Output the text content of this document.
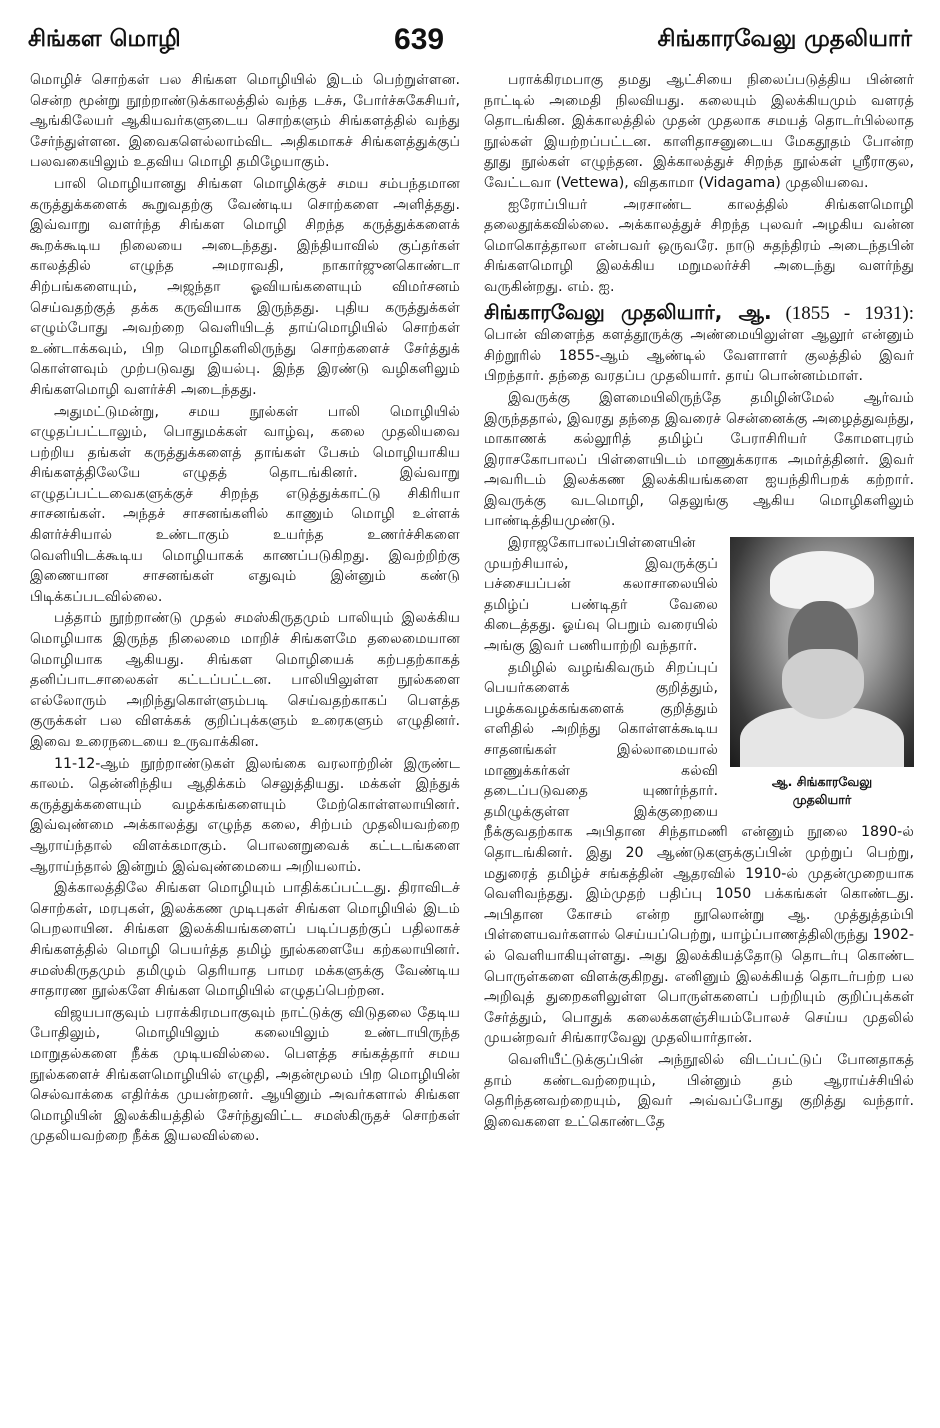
சிங்கள மொழி	639	சிங்காரவேலு முதலியார்

மொழிச் சொற்கள் பல சிங்கள மொழியில் இடம் பெற்றுள்ளன. சென்ற மூன்று நூற்றாண்டுக்காலத்தில் வந்த டச்சு, போர்ச்சுகேசியர், ஆங்கிலேயர் ஆகியவர்களுடைய சொற்களும் சிங்களத்தில் வந்து சேர்ந்துள்ளன. இவைகளெல்லாம்விட அதிகமாகச் சிங்களத்துக்குப் பலவகையிலும் உதவிய மொழி தமிழேயாகும்.

பாலி மொழியானது சிங்கள மொழிக்குச் சமய சம்பந்தமான கருத்துக்களைக் கூறுவதற்கு வேண்டிய சொற்களை அளித்தது. இவ்வாறு வளர்ந்த சிங்கள மொழி சிறந்த கருத்துக்களைக் கூறக்கூடிய நிலையை அடைந்தது. இந்தியாவில் குப்தர்கள் காலத்தில் எழுந்த அமராவதி, நாகார்ஜுனகொண்டா சிற்பங்களையும், அஜந்தா ஓவியங்களையும் விமர்சனம் செய்வதற்குத் தக்க கருவியாக இருந்தது. புதிய கருத்துக்கள் எழும்போது அவற்றை வெளியிடத் தாய்மொழியில் சொற்கள் உண்டாக்கவும், பிற மொழிகளிலிருந்து சொற்களைச் சேர்த்துக் கொள்ளவும் முற்படுவது இயல்பு. இந்த இரண்டு வழிகளிலும் சிங்களமொழி வளர்ச்சி அடைந்தது.

அதுமட்டுமன்று, சமய நூல்கள் பாலி மொழியில் எழுதப்பட்டாலும், பொதுமக்கள் வாழ்வு, கலை முதலியவை பற்றிய தங்கள் கருத்துக்களைத் தாங்கள் பேசும் மொழியாகிய சிங்களத்திலேயே எழுதத் தொடங்கினர். இவ்வாறு எழுதப்பட்டவைகளுக்குச் சிறந்த எடுத்துக்காட்டு சிகிரியா சாசனங்கள். அந்தச் சாசனங்களில் காணும் மொழி உள்ளக் கிளர்ச்சியால் உண்டாகும் உயர்ந்த உணர்ச்சிகளை வெளியிடக்கூடிய மொழியாகக் காணப்படுகிறது. இவற்றிற்கு இணையான சாசனங்கள் எதுவும் இன்னும் கண்டு பிடிக்கப்படவில்லை.

பத்தாம் நூற்றாண்டு முதல் சமஸ்கிருதமும் பாலியும் இலக்கிய மொழியாக இருந்த நிலைமை மாறிச் சிங்களமே தலைமையான மொழியாக ஆகியது. சிங்கள மொழியைக் கற்பதற்காகத் தனிப்பாடசாலைகள் கட்டப்பட்டன. பாலியிலுள்ள நூல்களை எல்லோரும் அறிந்துகொள்ளும்படி செய்வதற்காகப் பௌத்த குருக்கள் பல விளக்கக் குறிப்புக்களும் உரைகளும் எழுதினர். இவை உரைநடையை உருவாக்கின.

11-12-ஆம் நூற்றாண்டுகள் இலங்கை வரலாற்றின் இருண்ட காலம். தென்னிந்திய ஆதிக்கம் செலுத்தியது. மக்கள் இந்துக் கருத்துக்களையும் வழக்கங்களையும் மேற்கொள்ளலாயினர். இவ்வுண்மை அக்காலத்து எழுந்த கலை, சிற்பம் முதலியவற்றை ஆராய்ந்தால் விளக்கமாகும். பொலனறுவைக் கட்டடங்களை ஆராய்ந்தால் இன்றும் இவ்வுண்மையை அறியலாம்.

இக்காலத்திலே சிங்கள மொழியும் பாதிக்கப்பட்டது. திராவிடச் சொற்கள், மரபுகள், இலக்கண முடிபுகள் சிங்கள மொழியில் இடம் பெறலாயின. சிங்கள இலக்கியங்களைப் படிப்பதற்குப் பதிலாகச் சிங்களத்தில் மொழி பெயர்த்த தமிழ் நூல்களையே கற்கலாயினர். சமஸ்கிருதமும் தமிழும் தெரியாத பாமர மக்களுக்கு வேண்டிய சாதாரண நூல்களே சிங்கள மொழியில் எழுதப்பெற்றன.

விஜயபாகுவும் பராக்கிரமபாகுவும் நாட்டுக்கு விடுதலை தேடிய போதிலும், மொழியிலும் கலையிலும் உண்டாயிருந்த மாறுதல்களை நீக்க முடியவில்லை. பௌத்த சங்கத்தார் சமய நூல்களைச் சிங்களமொழியில் எழுதி, அதன்மூலம் பிற மொழியின் செல்வாக்கை எதிர்க்க முயன்றனர். ஆயினும் அவர்களால் சிங்கள மொழியின் இலக்கியத்தில் சேர்ந்துவிட்ட சமஸ்கிருதச் சொற்கள் முதலியவற்றை நீக்க இயலவில்லை.

பராக்கிரமபாகு தமது ஆட்சியை நிலைப்படுத்திய பின்னர் நாட்டில் அமைதி நிலவியது. கலையும் இலக்கியமும் வளரத் தொடங்கின. இக்காலத்தில் முதன் முதலாக சமயத் தொடர்பில்லாத நூல்கள் இயற்றப்பட்டன. காளிதாசனுடைய மேகதூதம் போன்ற தூது நூல்கள் எழுந்தன. இக்காலத்துச் சிறந்த நூல்கள் ஸ்ரீராகுல, வேட்டவா (Vettewa), விதகாமா (Vidagama) முதலியவை.

ஐரோப்பியர் அரசாண்ட காலத்தில் சிங்களமொழி தலைதூக்கவில்லை. அக்காலத்துச் சிறந்த புலவர் அழகிய வன்ன மொகொத்தாலா என்பவர் ஒருவரே. நாடு சுதந்திரம் அடைந்தபின் சிங்களமொழி இலக்கிய மறுமலர்ச்சி அடைந்து வளர்ந்து வருகின்றது. எம். ஐ.

சிங்காரவேலு முதலியார், ஆ. (1855 - 1931): பொன் விளைந்த களத்தூருக்கு அண்மையிலுள்ள ஆலூர் என்னும் சிற்றூரில் 1855-ஆம் ஆண்டில் வேளாளர் குலத்தில் இவர் பிறந்தார். தந்தை வரதப்ப முதலியார். தாய் பொன்னம்மாள்.

இவருக்கு இளமையிலிருந்தே தமிழின்மேல் ஆர்வம் இருந்ததால், இவரது தந்தை இவரைச் சென்னைக்கு அழைத்துவந்து, மாகாணக் கல்லூரித் தமிழ்ப் பேராசிரியர் கோமளபுரம் இராசகோபாலப் பிள்ளையிடம் மாணுக்கராக அமர்த்தினர். இவர் அவரிடம் இலக்கண இலக்கியங்களை ஐயந்திரிபறக் கற்றார். இவருக்கு வடமொழி, தெலுங்கு ஆகிய மொழிகளிலும் பாண்டித்தியமுண்டு.

ஆ. சிங்காரவேலு
முதலியார்

இராஜகோபாலப்பிள்ளையின் முயற்சியால், இவருக்குப் பச்சையப்பன் கலாசாலையில் தமிழ்ப் பண்டிதர் வேலை கிடைத்தது. ஓய்வு பெறும் வரையில் அங்கு இவர் பணியாற்றி வந்தார்.

தமிழில் வழங்கிவரும் சிறப்புப் பெயர்களைக் குறித்தும், பழக்கவழக்கங்களைக் குறித்தும் எளிதில் அறிந்து கொள்ளக்கூடிய சாதனங்கள் இல்லாமையால் மாணுக்கர்கள் கல்வி தடைப்படுவதை யுணர்ந்தார். தமிழுக்குள்ள இக்குறையை நீக்குவதற்காக அபிதான சிந்தாமணி என்னும் நூலை 1890-ல் தொடங்கினர். இது 20 ஆண்டுகளுக்குப்பின் முற்றுப் பெற்று, மதுரைத் தமிழ்ச் சங்கத்தின் ஆதரவில் 1910-ல் முதன்முறையாக வெளிவந்தது. இம்முதற் பதிப்பு 1050 பக்கங்கள் கொண்டது. அபிதான கோசம் என்ற நூலொன்று ஆ. முத்துத்தம்பி பிள்ளையவர்களால் செய்யப்பெற்று, யாழ்ப்பாணத்திலிருந்து 1902-ல் வெளியாகியுள்ளது. அது இலக்கியத்தோடு தொடர்பு கொண்ட பொருள்களை விளக்குகிறது. எனினும் இலக்கியத் தொடர்பற்ற பல அறிவுத் துறைகளிலுள்ள பொருள்களைப் பற்றியும் குறிப்புக்கள் சேர்த்தும், பொதுக் கலைக்களஞ்சியம்போலச் செய்ய முதலில் முயன்றவர் சிங்காரவேலு முதலியார்தான்.

வெளியீட்டுக்குப்பின் அந்நூலில் விடப்பட்டுப் போனதாகத் தாம் கண்டவற்றையும், பின்னும் தம் ஆராய்ச்சியில் தெரிந்தனவற்றையும், இவர் அவ்வப்போது குறித்து வந்தார். இவைகளை உட்கொண்டதே
